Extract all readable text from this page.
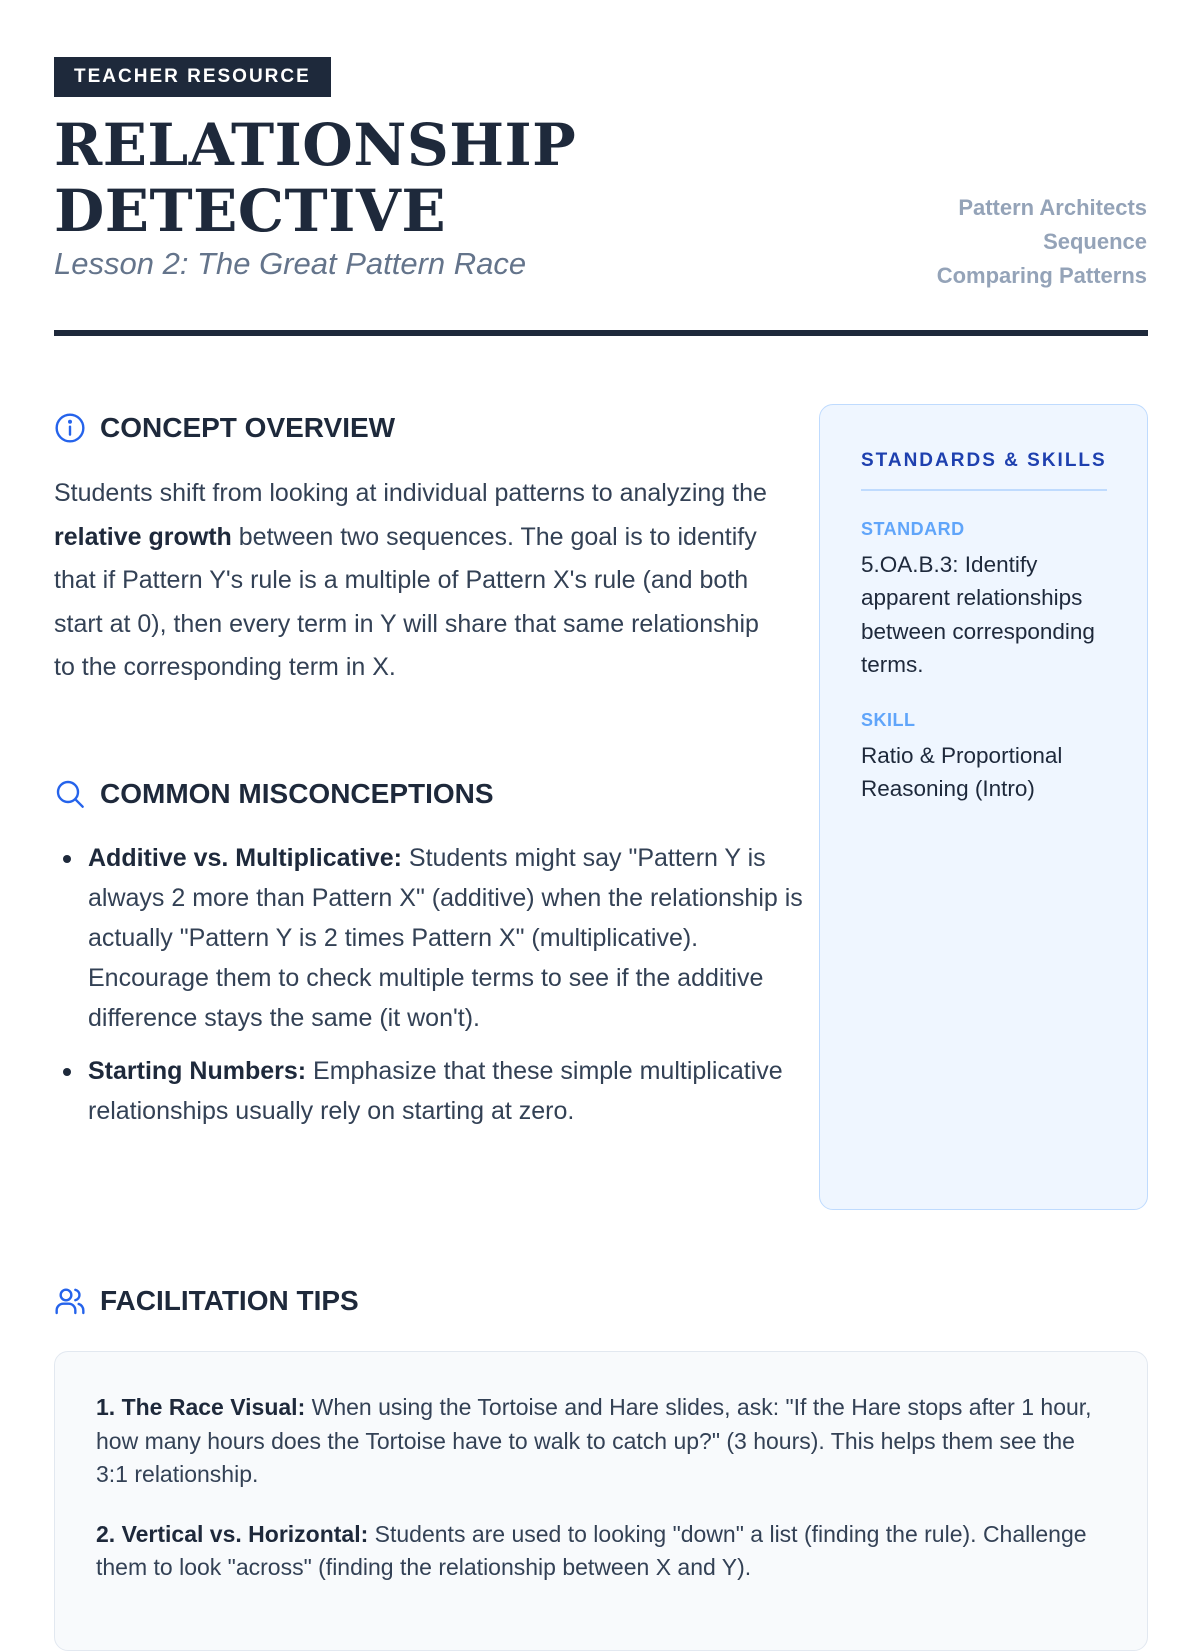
TEACHER RESOURCE
RELATIONSHIP
DETECTIVE
Lesson 2: The Great Pattern Race
Pattern Architects
Sequence
Comparing Patterns
CONCEPT OVERVIEW

Students shift from looking at individual patterns to analyzing the relative growth between two sequences. The goal is to identify that if Pattern Y's rule is a multiple of Pattern X's rule (and both start at 0), then every term in Y will share that same relationship to the corresponding term in X.

COMMON MISCONCEPTIONS
Additive vs. Multiplicative: Students might say "Pattern Y is always 2 more than Pattern X" (additive) when the relationship is actually "Pattern Y is 2 times Pattern X" (multiplicative). Encourage them to check multiple terms to see if the additive difference stays the same (it won't).
Starting Numbers: Emphasize that these simple multiplicative relationships usually rely on starting at zero.
STANDARDS & SKILLS
STANDARD
5.OA.B.3: Identify apparent relationships between corresponding terms.
SKILL
Ratio & Proportional Reasoning (Intro)
FACILITATION TIPS

1. The Race Visual: When using the Tortoise and Hare slides, ask: "If the Hare stops after 1 hour, how many hours does the Tortoise have to walk to catch up?" (3 hours). This helps them see the 3:1 relationship.

2. Vertical vs. Horizontal: Students are used to looking "down" a list (finding the rule). Challenge them to look "across" (finding the relationship between X and Y).
